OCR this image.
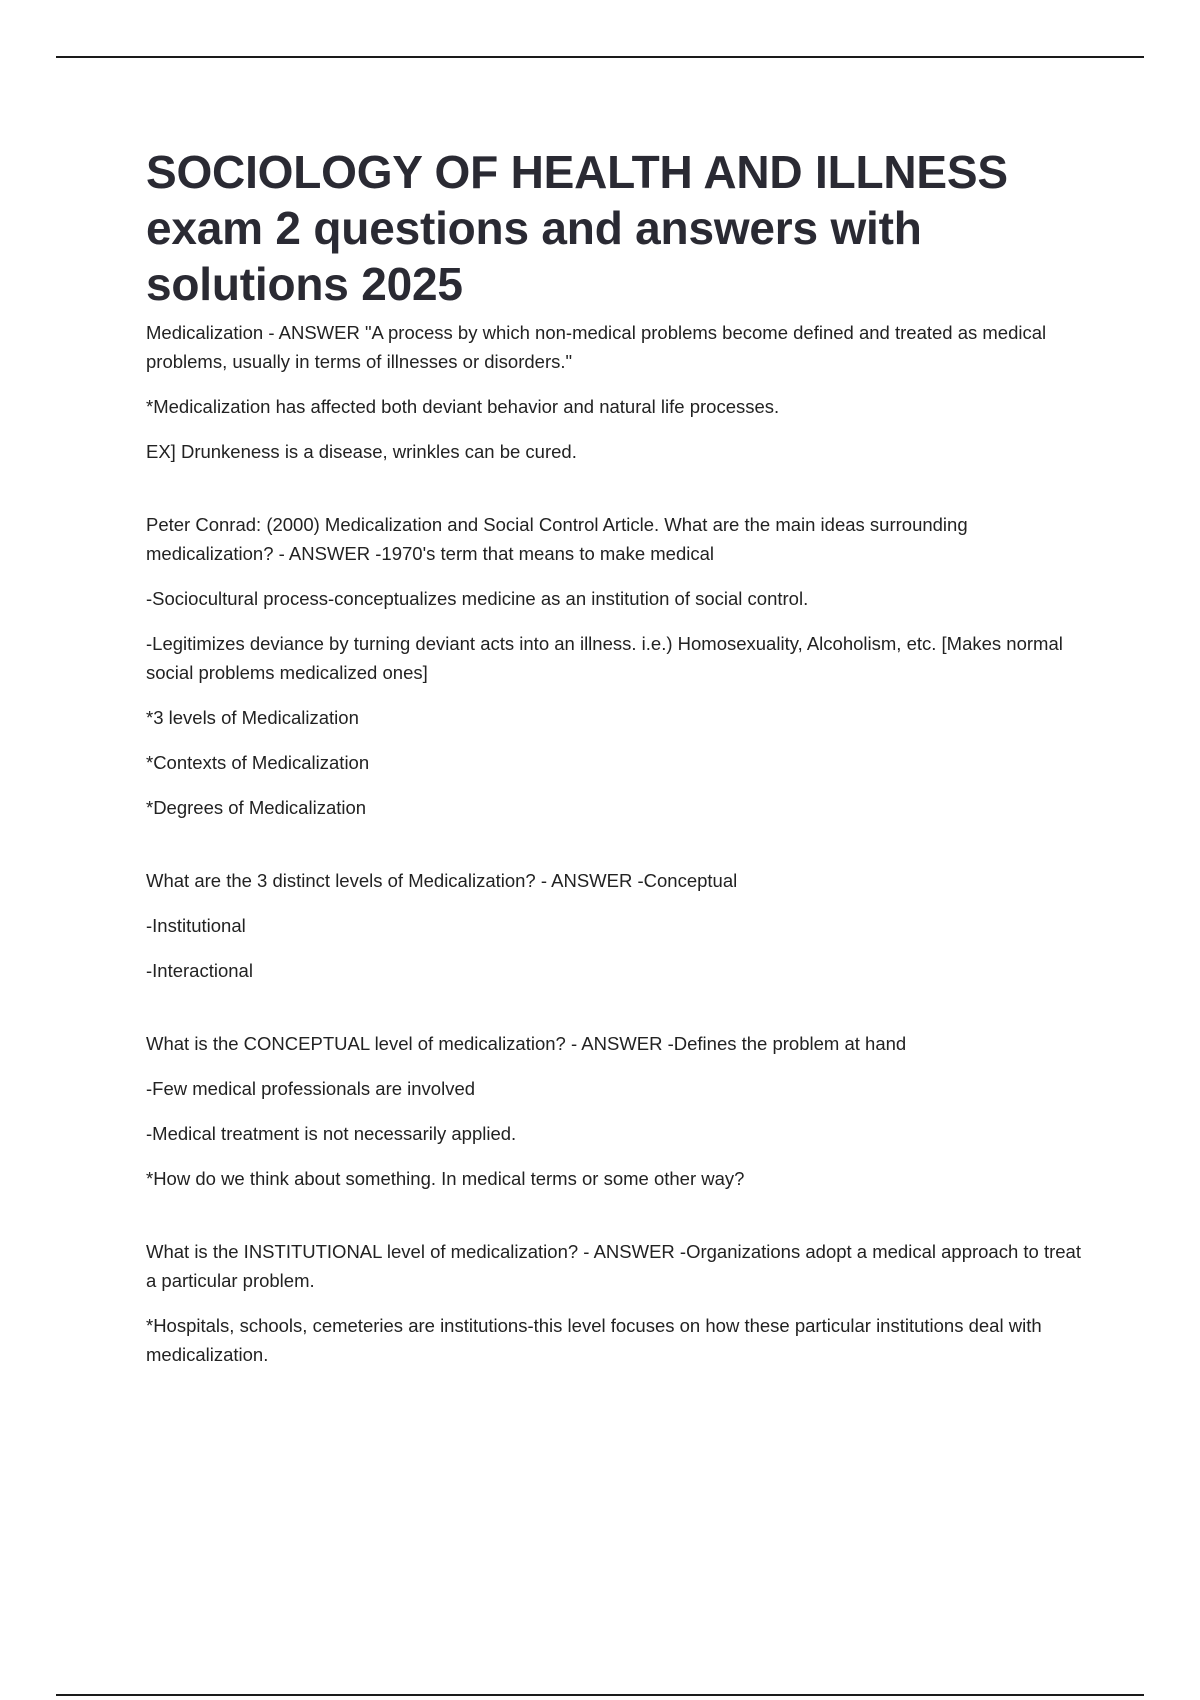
SOCIOLOGY OF HEALTH AND ILLNESS exam 2 questions and answers with solutions 2025

Medicalization - ANSWER "A process by which non-medical problems become defined and treated as medical problems, usually in terms of illnesses or disorders."

*Medicalization has affected both deviant behavior and natural life processes.

EX] Drunkeness is a disease, wrinkles can be cured.

Peter Conrad: (2000) Medicalization and Social Control Article. What are the main ideas surrounding medicalization? - ANSWER -1970's term that means to make medical

-Sociocultural process-conceptualizes medicine as an institution of social control.

-Legitimizes deviance by turning deviant acts into an illness. i.e.) Homosexuality, Alcoholism, etc. [Makes normal social problems medicalized ones]

*3 levels of Medicalization

*Contexts of Medicalization

*Degrees of Medicalization

What are the 3 distinct levels of Medicalization? - ANSWER -Conceptual

-Institutional

-Interactional

What is the CONCEPTUAL level of medicalization? - ANSWER -Defines the problem at hand

-Few medical professionals are involved

-Medical treatment is not necessarily applied.

*How do we think about something. In medical terms or some other way?

What is the INSTITUTIONAL level of medicalization? - ANSWER -Organizations adopt a medical approach to treat a particular problem.

*Hospitals, schools, cemeteries are institutions-this level focuses on how these particular institutions deal with medicalization.
